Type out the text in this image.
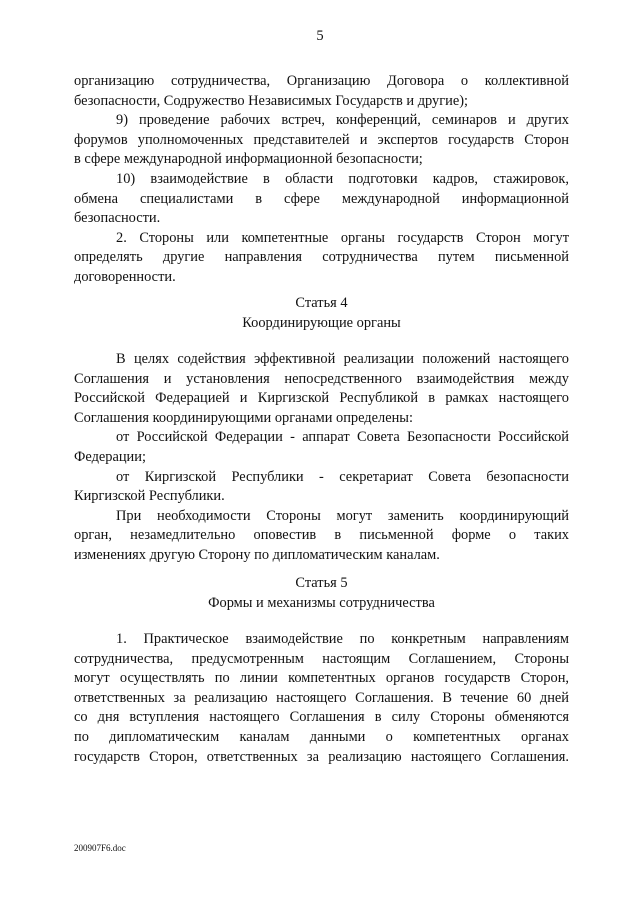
5
организацию сотрудничества, Организацию Договора о коллективной
безопасности, Содружество Независимых Государств и другие);
9) проведение рабочих встреч, конференций, семинаров и других
форумов уполномоченных представителей и экспертов государств Сторон
в сфере международной информационной безопасности;
10) взаимодействие в области подготовки кадров, стажировок,
обмена специалистами в сфере международной информационной
безопасности.
2. Стороны или компетентные органы государств Сторон могут
определять другие направления сотрудничества путем письменной
договоренности.
Статья 4
Координирующие органы
В целях содействия эффективной реализации положений настоящего
Соглашения и установления непосредственного взаимодействия между
Российской Федерацией и Киргизской Республикой в рамках настоящего
Соглашения координирующими органами определены:
от Российской Федерации - аппарат Совета Безопасности Российской
Федерации;
от Киргизской Республики - секретариат Совета безопасности
Киргизской Республики.
При необходимости Стороны могут заменить координирующий
орган, незамедлительно оповестив в письменной форме о таких
изменениях другую Сторону по дипломатическим каналам.
Статья 5
Формы и механизмы сотрудничества
1. Практическое взаимодействие по конкретным направлениям
сотрудничества, предусмотренным настоящим Соглашением, Стороны
могут осуществлять по линии компетентных органов государств Сторон,
ответственных за реализацию настоящего Соглашения. В течение 60 дней
со дня вступления настоящего Соглашения в силу Стороны обменяются
по дипломатическим каналам данными о компетентных органах
государств Сторон, ответственных за реализацию настоящего Соглашения.
200907F6.doc
